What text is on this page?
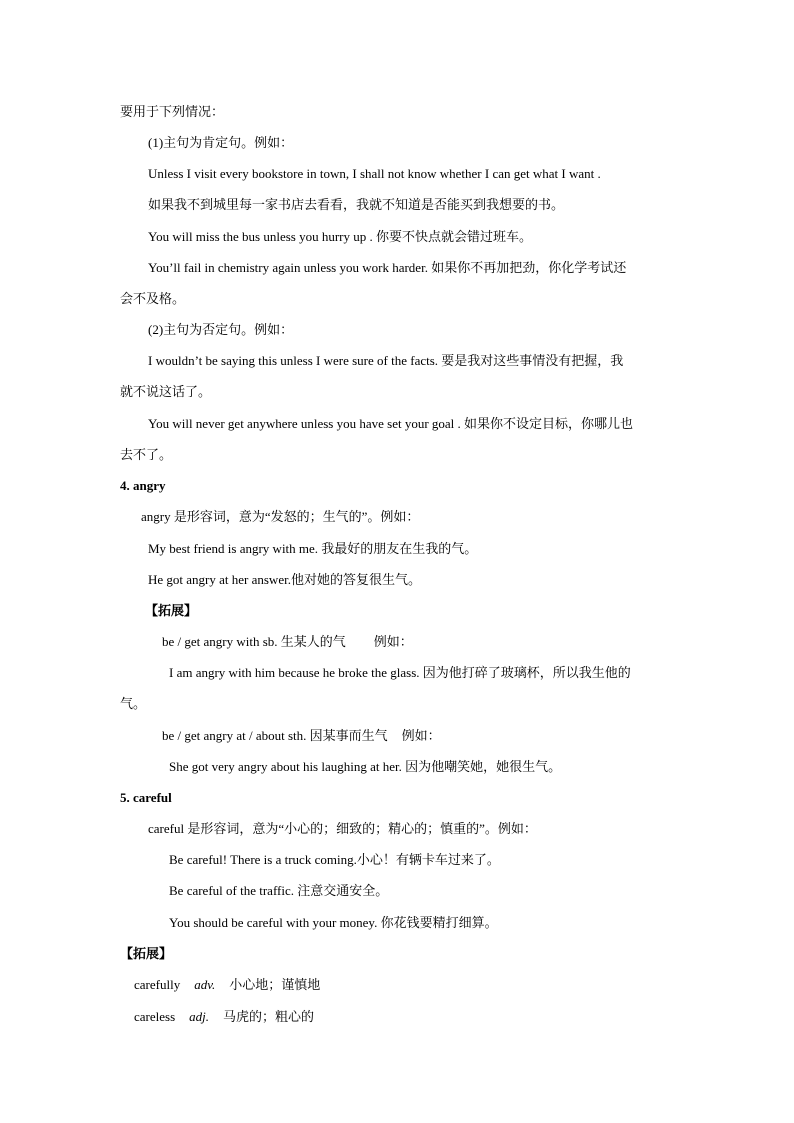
要用于下列情况：
(1)主句为肯定句。例如：
Unless I visit every bookstore in town, I shall not know whether I can get what I want .
如果我不到城里每一家书店去看看，我就不知道是否能买到我想要的书。
You will miss the bus unless you hurry up . 你要不快点就会错过班车。
You’ll fail in chemistry again unless you work harder. 如果你不再加把劲，你化学考试还
会不及格。
(2)主句为否定句。例如：
I wouldn’t be saying this unless I were sure of the facts. 要是我对这些事情没有把握，我
就不说这话了。
You will never get anywhere unless you have set your goal . 如果你不设定目标，你哪儿也
去不了。
4. angry
angry 是形容词，意为“发怒的；生气的”。例如：
My best friend is angry with me. 我最好的朋友在生我的气。
He got angry at her answer.他对她的答复很生气。
【拓展】
be / get angry with sb. 生某人的气 例如：
I am angry with him because he broke the glass. 因为他打碎了玻璃杯，所以我生他的
气。
be / get angry at / about sth. 因某事而生气 例如：
She got very angry about his laughing at her. 因为他嘲笑她，她很生气。
5. careful
careful 是形容词，意为“小心的；细致的；精心的；慎重的”。例如：
Be careful! There is a truck coming.小心！有辆卡车过来了。
Be careful of the traffic. 注意交通安全。
You should be careful with your money. 你花钱要精打细算。
【拓展】
carefully adv. 小心地；谨慎地
careless adj. 马虎的；粗心的
